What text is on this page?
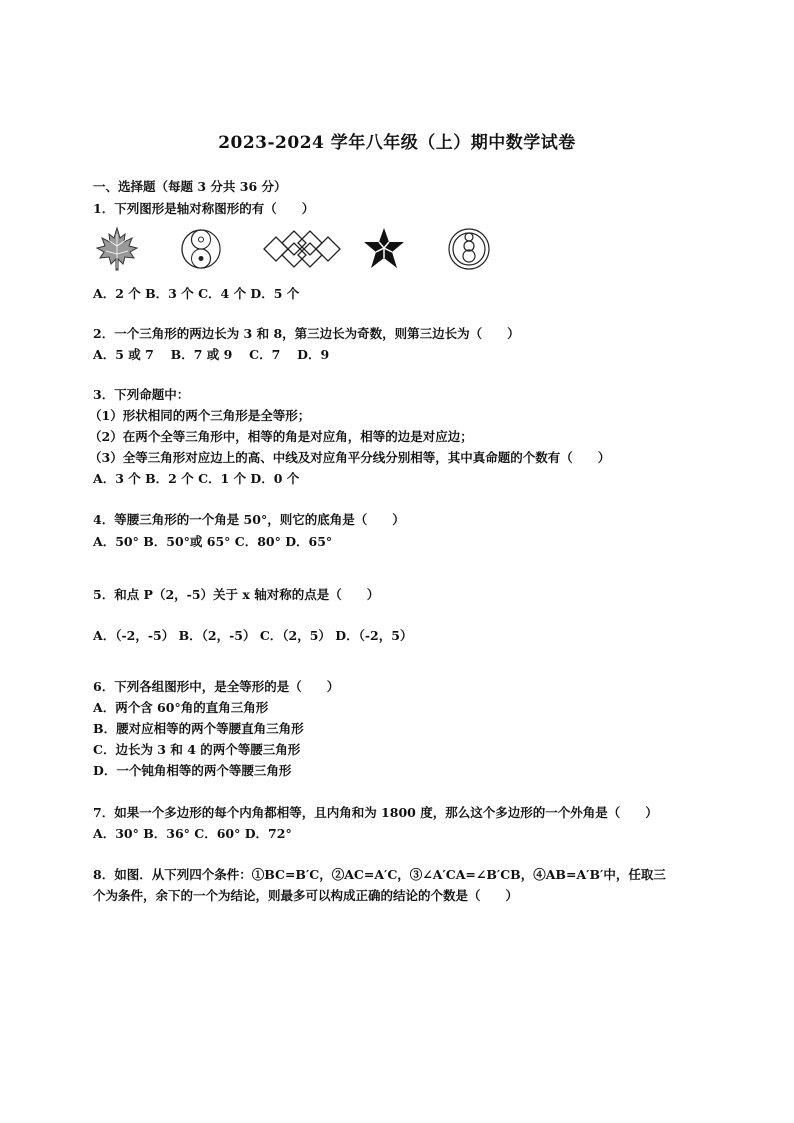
2023-2024 学年八年级（上）期中数学试卷
一、选择题（每题 3 分共 36 分）
1．下列图形是轴对称图形的有（　　）
A．2 个 B．3 个 C．4 个 D．5 个
2．一个三角形的两边长为 3 和 8，第三边长为奇数，则第三边长为（　　）
A．5 或 7　 B．7 或 9　 C．7　 D．9
3．下列命题中：
（1）形状相同的两个三角形是全等形；
（2）在两个全等三角形中，相等的角是对应角，相等的边是对应边；
（3）全等三角形对应边上的高、中线及对应角平分线分别相等，其中真命题的个数有（　　）
A．3 个 B．2 个 C．1 个 D．0 个
4．等腰三角形的一个角是 50°，则它的底角是（　　）
A．50° B．50°或 65° C．80° D．65°
5．和点 P（2，-5）关于 x 轴对称的点是（　　）
A．（-2，-5） B．（2，-5） C．（2，5） D．（-2，5）
6．下列各组图形中，是全等形的是（　　）
A．两个含 60°角的直角三角形
B．腰对应相等的两个等腰直角三角形
C．边长为 3 和 4 的两个等腰三角形
D．一个钝角相等的两个等腰三角形
7．如果一个多边形的每个内角都相等，且内角和为 1800 度，那么这个多边形的一个外角是（　　）
A．30° B．36° C．60° D．72°
8．如图．从下列四个条件：①BC=B′C，②AC=A′C，③∠A′CA=∠B′CB，④AB=A′B′中，任取三
个为条件，余下的一个为结论，则最多可以构成正确的结论的个数是（　　）
